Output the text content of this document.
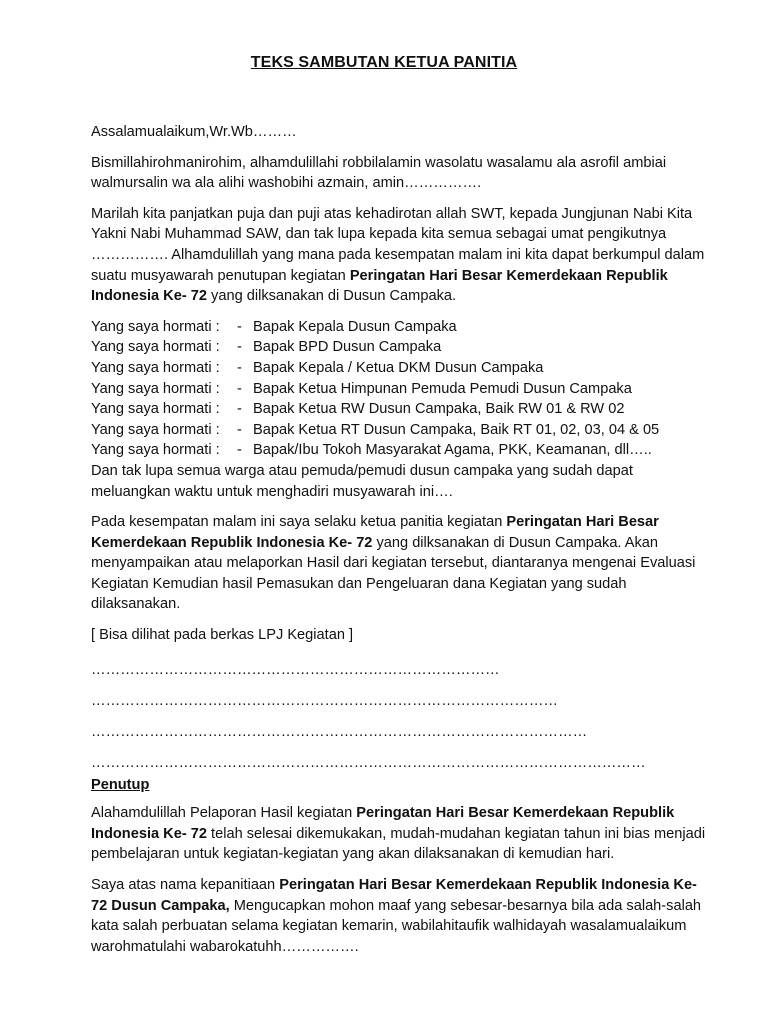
TEKS SAMBUTAN KETUA PANITIA

Assalamualaikum,Wr.Wb………

Bismillahirohmanirohim, alhamdulillahi robbilalamin wasolatu wasalamu ala asrofil ambiai walmursalin wa ala alihi washobihi azmain, amin…………….

Marilah kita panjatkan puja dan puji atas kehadirotan allah SWT, kepada Jungjunan Nabi Kita Yakni Nabi Muhammad SAW, dan tak lupa kepada kita semua sebagai umat pengikutnya ……………. Alhamdulillah yang mana pada kesempatan malam ini kita dapat berkumpul dalam suatu musyawarah penutupan kegiatan Peringatan Hari Besar Kemerdekaan Republik Indonesia Ke- 72 yang dilksanakan di Dusun Campaka.

Yang saya hormati :	- Bapak Kepala Dusun Campaka
Yang saya hormati :	- Bapak BPD Dusun Campaka
Yang saya hormati :	- Bapak Kepala / Ketua DKM Dusun Campaka
Yang saya hormati :	- Bapak Ketua Himpunan Pemuda Pemudi Dusun Campaka
Yang saya hormati :	- Bapak Ketua RW Dusun Campaka, Baik RW 01 & RW 02
Yang saya hormati :	- Bapak Ketua RT Dusun Campaka, Baik RT 01, 02, 03, 04 & 05
Yang saya hormati :	- Bapak/Ibu Tokoh Masyarakat Agama, PKK, Keamanan, dll…..

Dan tak lupa semua warga atau pemuda/pemudi dusun campaka yang sudah dapat meluangkan waktu untuk menghadiri musyawarah ini….

Pada kesempatan malam ini saya selaku ketua panitia kegiatan Peringatan Hari Besar Kemerdekaan Republik Indonesia Ke- 72 yang dilksanakan di Dusun Campaka. Akan menyampaikan atau melaporkan Hasil dari kegiatan tersebut, diantaranya mengenai Evaluasi Kegiatan Kemudian hasil Pemasukan dan Pengeluaran dana Kegiatan yang sudah dilaksanakan.

[ Bisa dilihat pada berkas LPJ Kegiatan ]

…………………………………………………………………………
……………………………………………………………………………………
…………………………………………………………………………………………
……………………………………………………………………………………………………
Penutup

Alahamdulillah Pelaporan Hasil kegiatan Peringatan Hari Besar Kemerdekaan Republik Indonesia Ke- 72 telah selesai dikemukakan, mudah-mudahan kegiatan tahun ini bias menjadi pembelajaran untuk kegiatan-kegiatan yang akan dilaksanakan di kemudian hari.

Saya atas nama kepanitiaan Peringatan Hari Besar Kemerdekaan Republik Indonesia Ke- 72 Dusun Campaka, Mengucapkan mohon maaf yang sebesar-besarnya bila ada salah-salah kata salah perbuatan selama kegiatan kemarin, wabilahitaufik walhidayah wasalamualaikum warohmatulahi wabarokatuhh…………….
